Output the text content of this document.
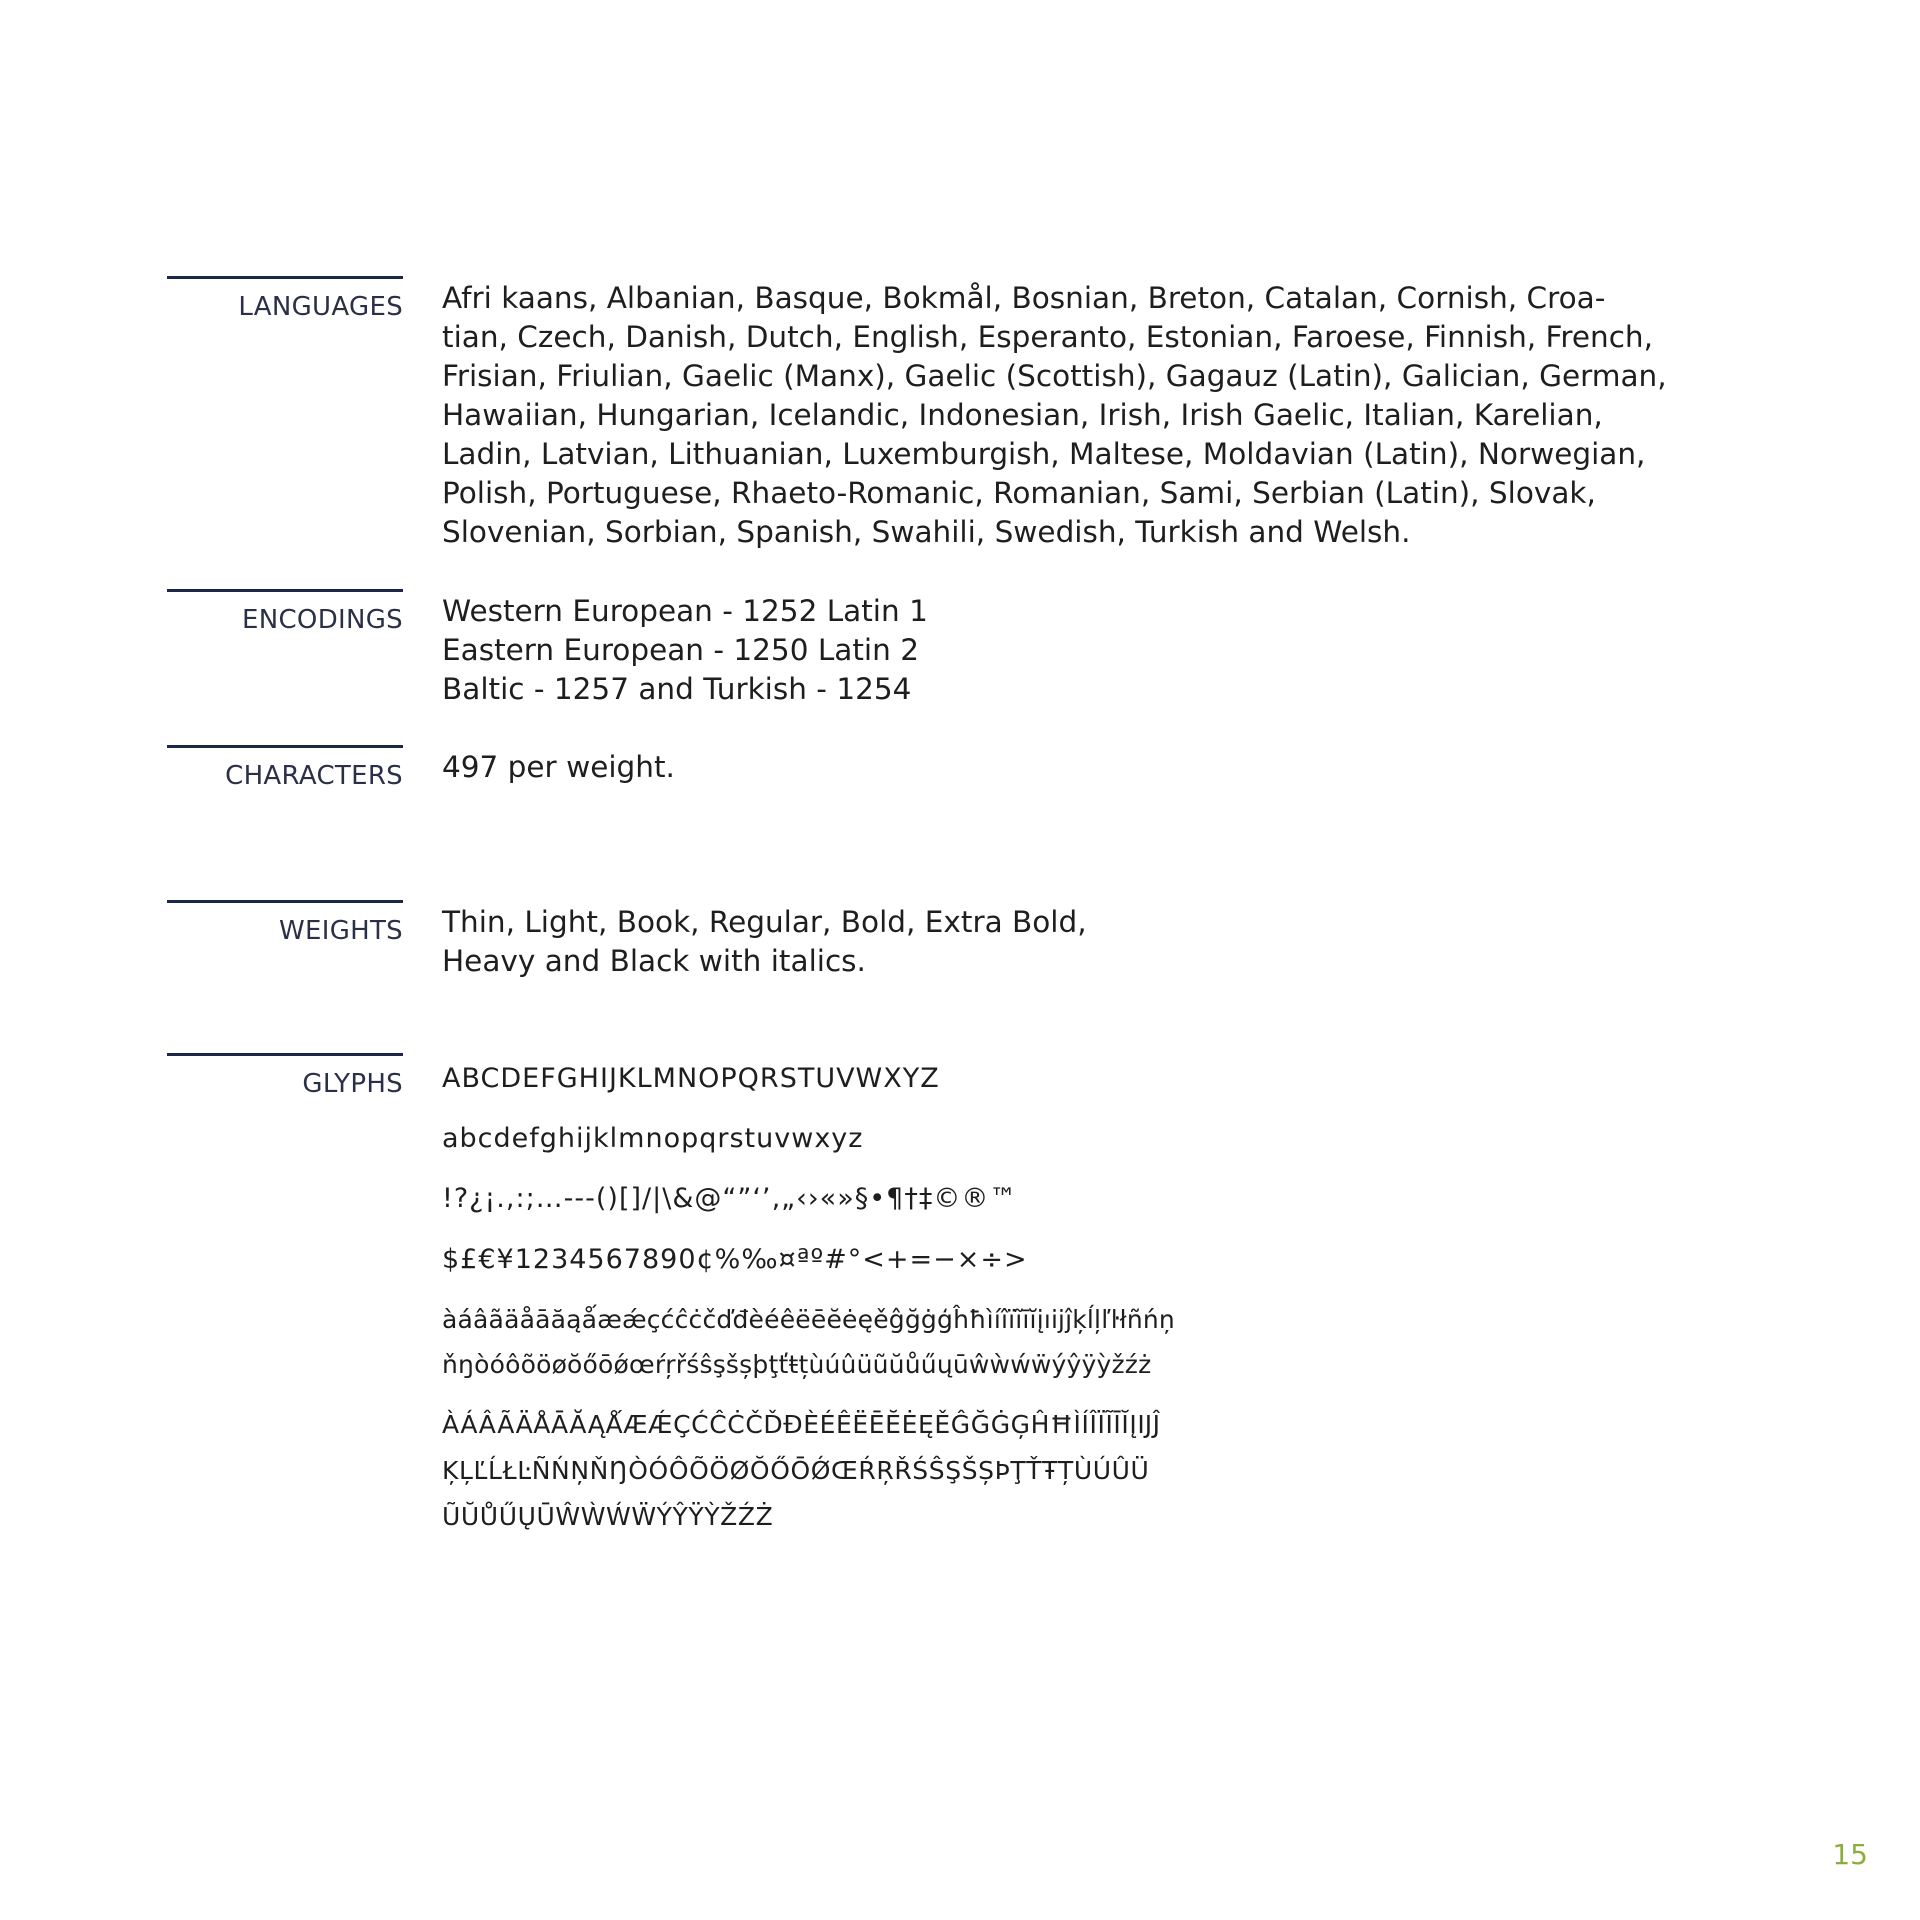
LANGUAGES Afri kaans, Albanian, Basque, Bokmål, Bosnian, Breton, Catalan, Cornish, Croa-
tian, Czech, Danish, Dutch, English, Esperanto, Estonian, Faroese, Finnish, French,
Frisian, Friulian, Gaelic (Manx), Gaelic (Scottish), Gagauz (Latin), Galician, German,
Hawaiian, Hungarian, Icelandic, Indonesian, Irish, Irish Gaelic, Italian, Karelian,
Ladin, Latvian, Lithuanian, Luxemburgish, Maltese, Moldavian (Latin), Norwegian,
Polish, Portuguese, Rhaeto-Romanic, Romanian, Sami, Serbian (Latin), Slovak,
Slovenian, Sorbian, Spanish, Swahili, Swedish, Turkish and Welsh.
ENCODINGS Western European - 1252 Latin 1
Eastern European - 1250 Latin 2
Baltic - 1257 and Turkish - 1254
CHARACTERS 497 per weight.
WEIGHTS Thin, Light, Book, Regular, Bold, Extra Bold,
Heavy and Black with italics.
GLYPHS ABCDEFGHIJKLMNOPQRSTUVWXYZ
abcdefghijklmnopqrstuvwxyz
!?¿¡.,:;…---()[]/|\&@“”‘’‚„‹›«»§•¶†‡©®™
$£€¥1234567890¢%‰¤ªº#°<+=−×÷>
àáâãäåāăąǻæǽçćĉċčďđèéêëēĕėęěĝğġģĥħìíîïĩīĭįıĳĵķĺļľŀłñńņ
ňŋòóôõöøŏőōǿœŕŗřśŝşšșþţťŧțùúûüũŭůűųūŵẁẃẅýŷÿỳžźż
ÀÁÂÃÄÅĀĂĄǺÆǼÇĆĈĊČĎĐÈÉÊËĒĔĖĘĚĜĞĠĢĤĦÌÍÎÏĨĪĬĮĲĴ
ĶĻĽĹŁĿÑŃŅŇŊÒÓÔÕÖØŎŐŌǾŒŔŖŘŚŜŞŠȘÞŢŤŦȚÙÚÛÜ
ŨŬŮŰŲŪŴẀẂẄÝŶŸỲŽŹŻ
15
